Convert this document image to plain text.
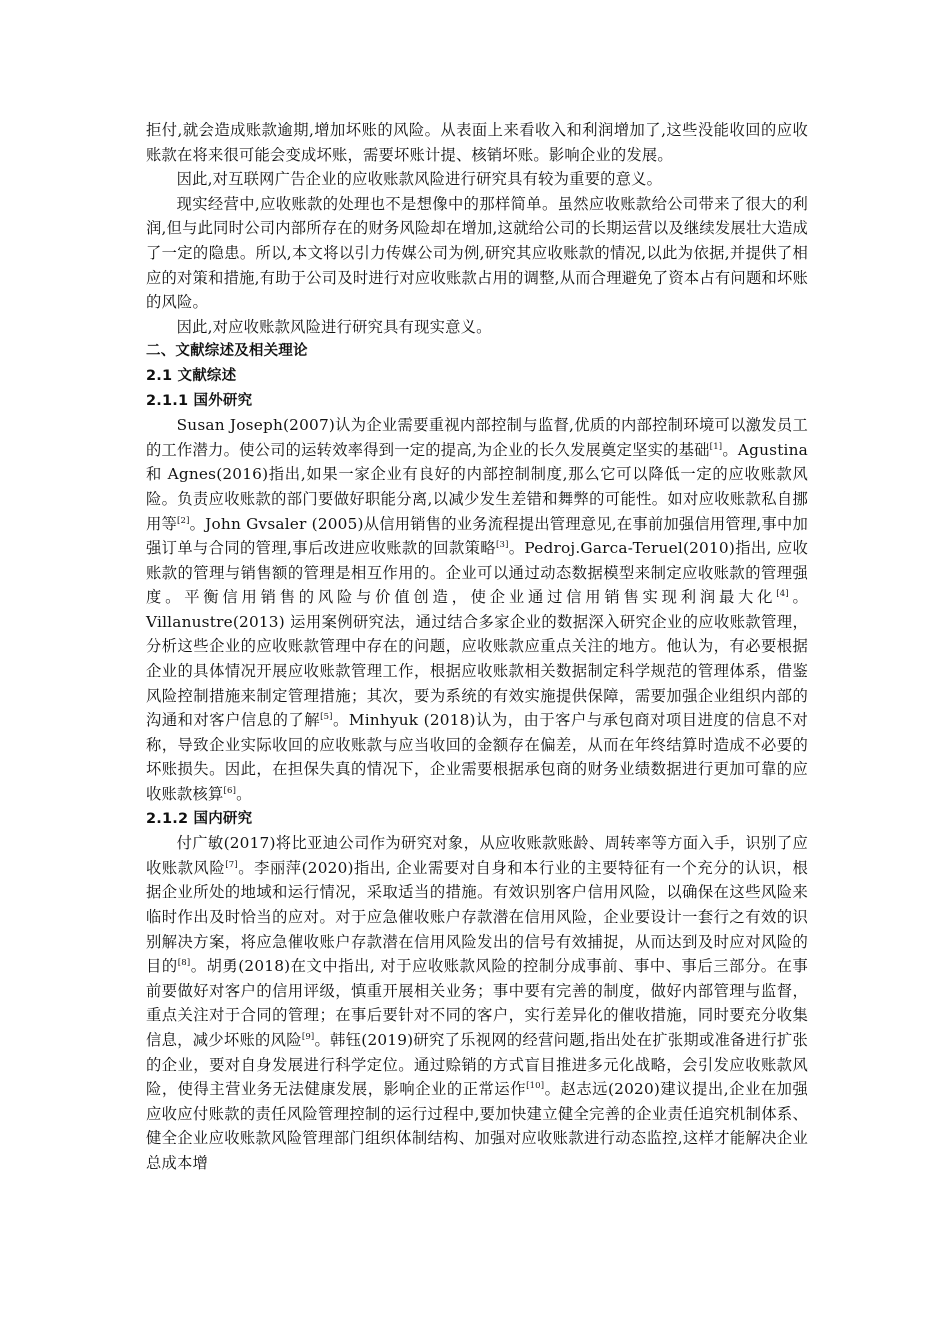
拒付,就会造成账款逾期,增加坏账的风险。从表面上来看收入和利润增加了,这些没能收回的应收账款在将来很可能会变成坏账，需要坏账计提、核销坏账。影响企业的发展。

因此,对互联网广告企业的应收账款风险进行研究具有较为重要的意义。

现实经营中,应收账款的处理也不是想像中的那样简单。虽然应收账款给公司带来了很大的利润,但与此同时公司内部所存在的财务风险却在增加,这就给公司的长期运营以及继续发展壮大造成了一定的隐患。所以,本文将以引力传媒公司为例,研究其应收账款的情况,以此为依据,并提供了相应的对策和措施,有助于公司及时进行对应收账款占用的调整,从而合理避免了资本占有问题和坏账的风险。

因此,对应收账款风险进行研究具有现实意义。

二、文献综述及相关理论

2.1 文献综述

2.1.1 国外研究

Susan Joseph(2007)认为企业需要重视内部控制与监督,优质的内部控制环境可以激发员工的工作潜力。使公司的运转效率得到一定的提高,为企业的长久发展奠定坚实的基础[1]。Agustina 和 Agnes(2016)指出,如果一家企业有良好的内部控制制度,那么它可以降低一定的应收账款风险。负责应收账款的部门要做好职能分离,以减少发生差错和舞弊的可能性。如对应收账款私自挪用等[2]。John Gvsaler (2005)从信用销售的业务流程提出管理意见,在事前加强信用管理,事中加强订单与合同的管理,事后改进应收账款的回款策略[3]。Pedroj.Garca-Teruel(2010)指出, 应收账款的管理与销售额的管理是相互作用的。企业可以通过动态数据模型来制定应收账款的管理强度。平衡信用销售的风险与价值创造，使企业通过信用销售实现利润最大化[4]。Villanustre(2013) 运用案例研究法，通过结合多家企业的数据深入研究企业的应收账款管理，分析这些企业的应收账款管理中存在的问题，应收账款应重点关注的地方。他认为，有必要根据企业的具体情况开展应收账款管理工作，根据应收账款相关数据制定科学规范的管理体系，借鉴风险控制措施来制定管理措施；其次，要为系统的有效实施提供保障，需要加强企业组织内部的沟通和对客户信息的了解[5]。Minhyuk (2018)认为，由于客户与承包商对项目进度的信息不对称，导致企业实际收回的应收账款与应当收回的金额存在偏差，从而在年终结算时造成不必要的坏账损失。因此，在担保失真的情况下，企业需要根据承包商的财务业绩数据进行更加可靠的应收账款核算[6]。

2.1.2 国内研究

付广敏(2017)将比亚迪公司作为研究对象，从应收账款账龄、周转率等方面入手，识别了应收账款风险[7]。李丽萍(2020)指出, 企业需要对自身和本行业的主要特征有一个充分的认识，根据企业所处的地域和运行情况，采取适当的措施。有效识别客户信用风险，以确保在这些风险来临时作出及时恰当的应对。对于应急催收账户存款潜在信用风险，企业要设计一套行之有效的识别解决方案，将应急催收账户存款潜在信用风险发出的信号有效捕捉，从而达到及时应对风险的目的[8]。胡勇(2018)在文中指出, 对于应收账款风险的控制分成事前、事中、事后三部分。在事前要做好对客户的信用评级，慎重开展相关业务；事中要有完善的制度，做好内部管理与监督，重点关注对于合同的管理；在事后要针对不同的客户，实行差异化的催收措施，同时要充分收集信息，减少坏账的风险[9]。韩钰(2019)研究了乐视网的经营问题,指出处在扩张期或准备进行扩张的企业，要对自身发展进行科学定位。通过赊销的方式盲目推进多元化战略，会引发应收账款风险，使得主营业务无法健康发展，影响企业的正常运作[10]。赵志远(2020)建议提出,企业在加强应收应付账款的责任风险管理控制的运行过程中,要加快建立健全完善的企业责任追究机制体系、健全企业应收账款风险管理部门组织体制结构、加强对应收账款进行动态监控,这样才能解决企业总成本增
